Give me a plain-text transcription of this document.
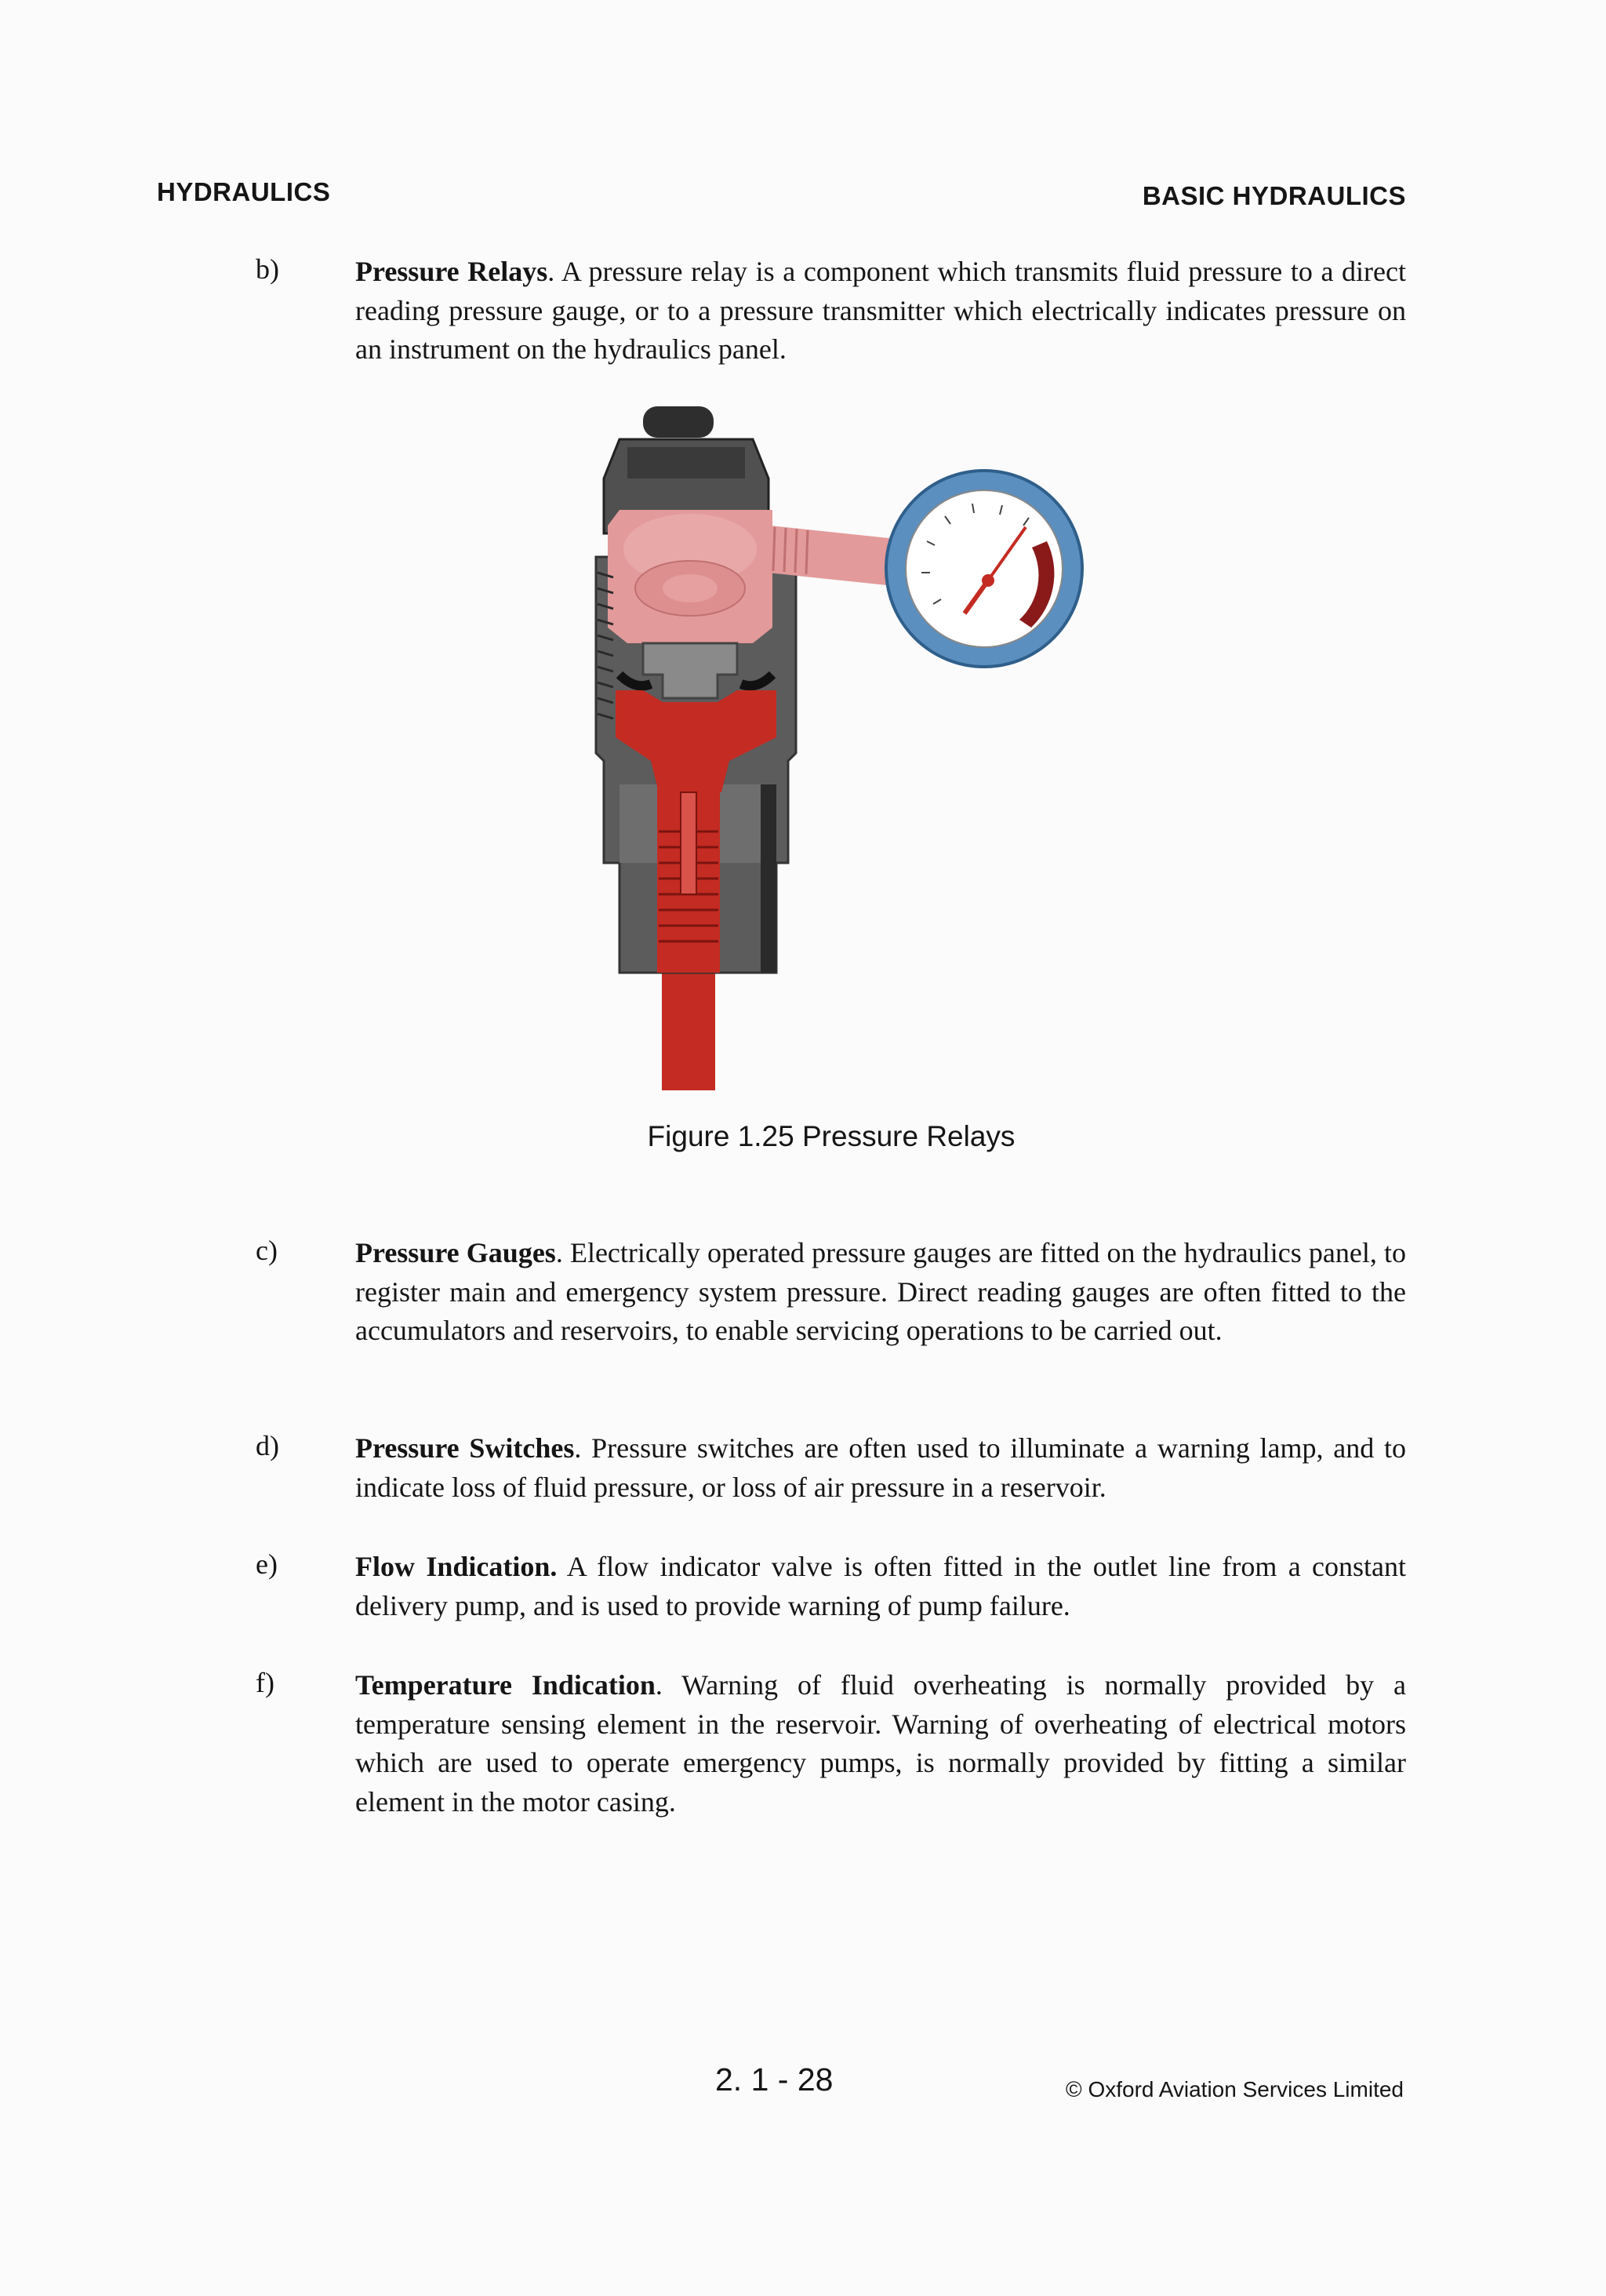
HYDRAULICS	BASIC HYDRAULICS
b)	Pressure Relays. A pressure relay is a component which transmits fluid pressure to a direct reading pressure gauge, or to a pressure transmitter which electrically indicates pressure on an instrument on the hydraulics panel.
Figure 1.25 Pressure Relays
c)	Pressure Gauges. Electrically operated pressure gauges are fitted on the hydraulics panel, to register main and emergency system pressure. Direct reading gauges are often fitted to the accumulators and reservoirs, to enable servicing operations to be carried out.
d)	Pressure Switches. Pressure switches are often used to illuminate a warning lamp, and to indicate loss of fluid pressure, or loss of air pressure in a reservoir.
e)	Flow Indication. A flow indicator valve is often fitted in the outlet line from a constant delivery pump, and is used to provide warning of pump failure.
f)	Temperature Indication. Warning of fluid overheating is normally provided by a temperature sensing element in the reservoir. Warning of overheating of electrical motors which are used to operate emergency pumps, is normally provided by fitting a similar element in the motor casing.
2. 1 - 28	© Oxford Aviation Services Limited
